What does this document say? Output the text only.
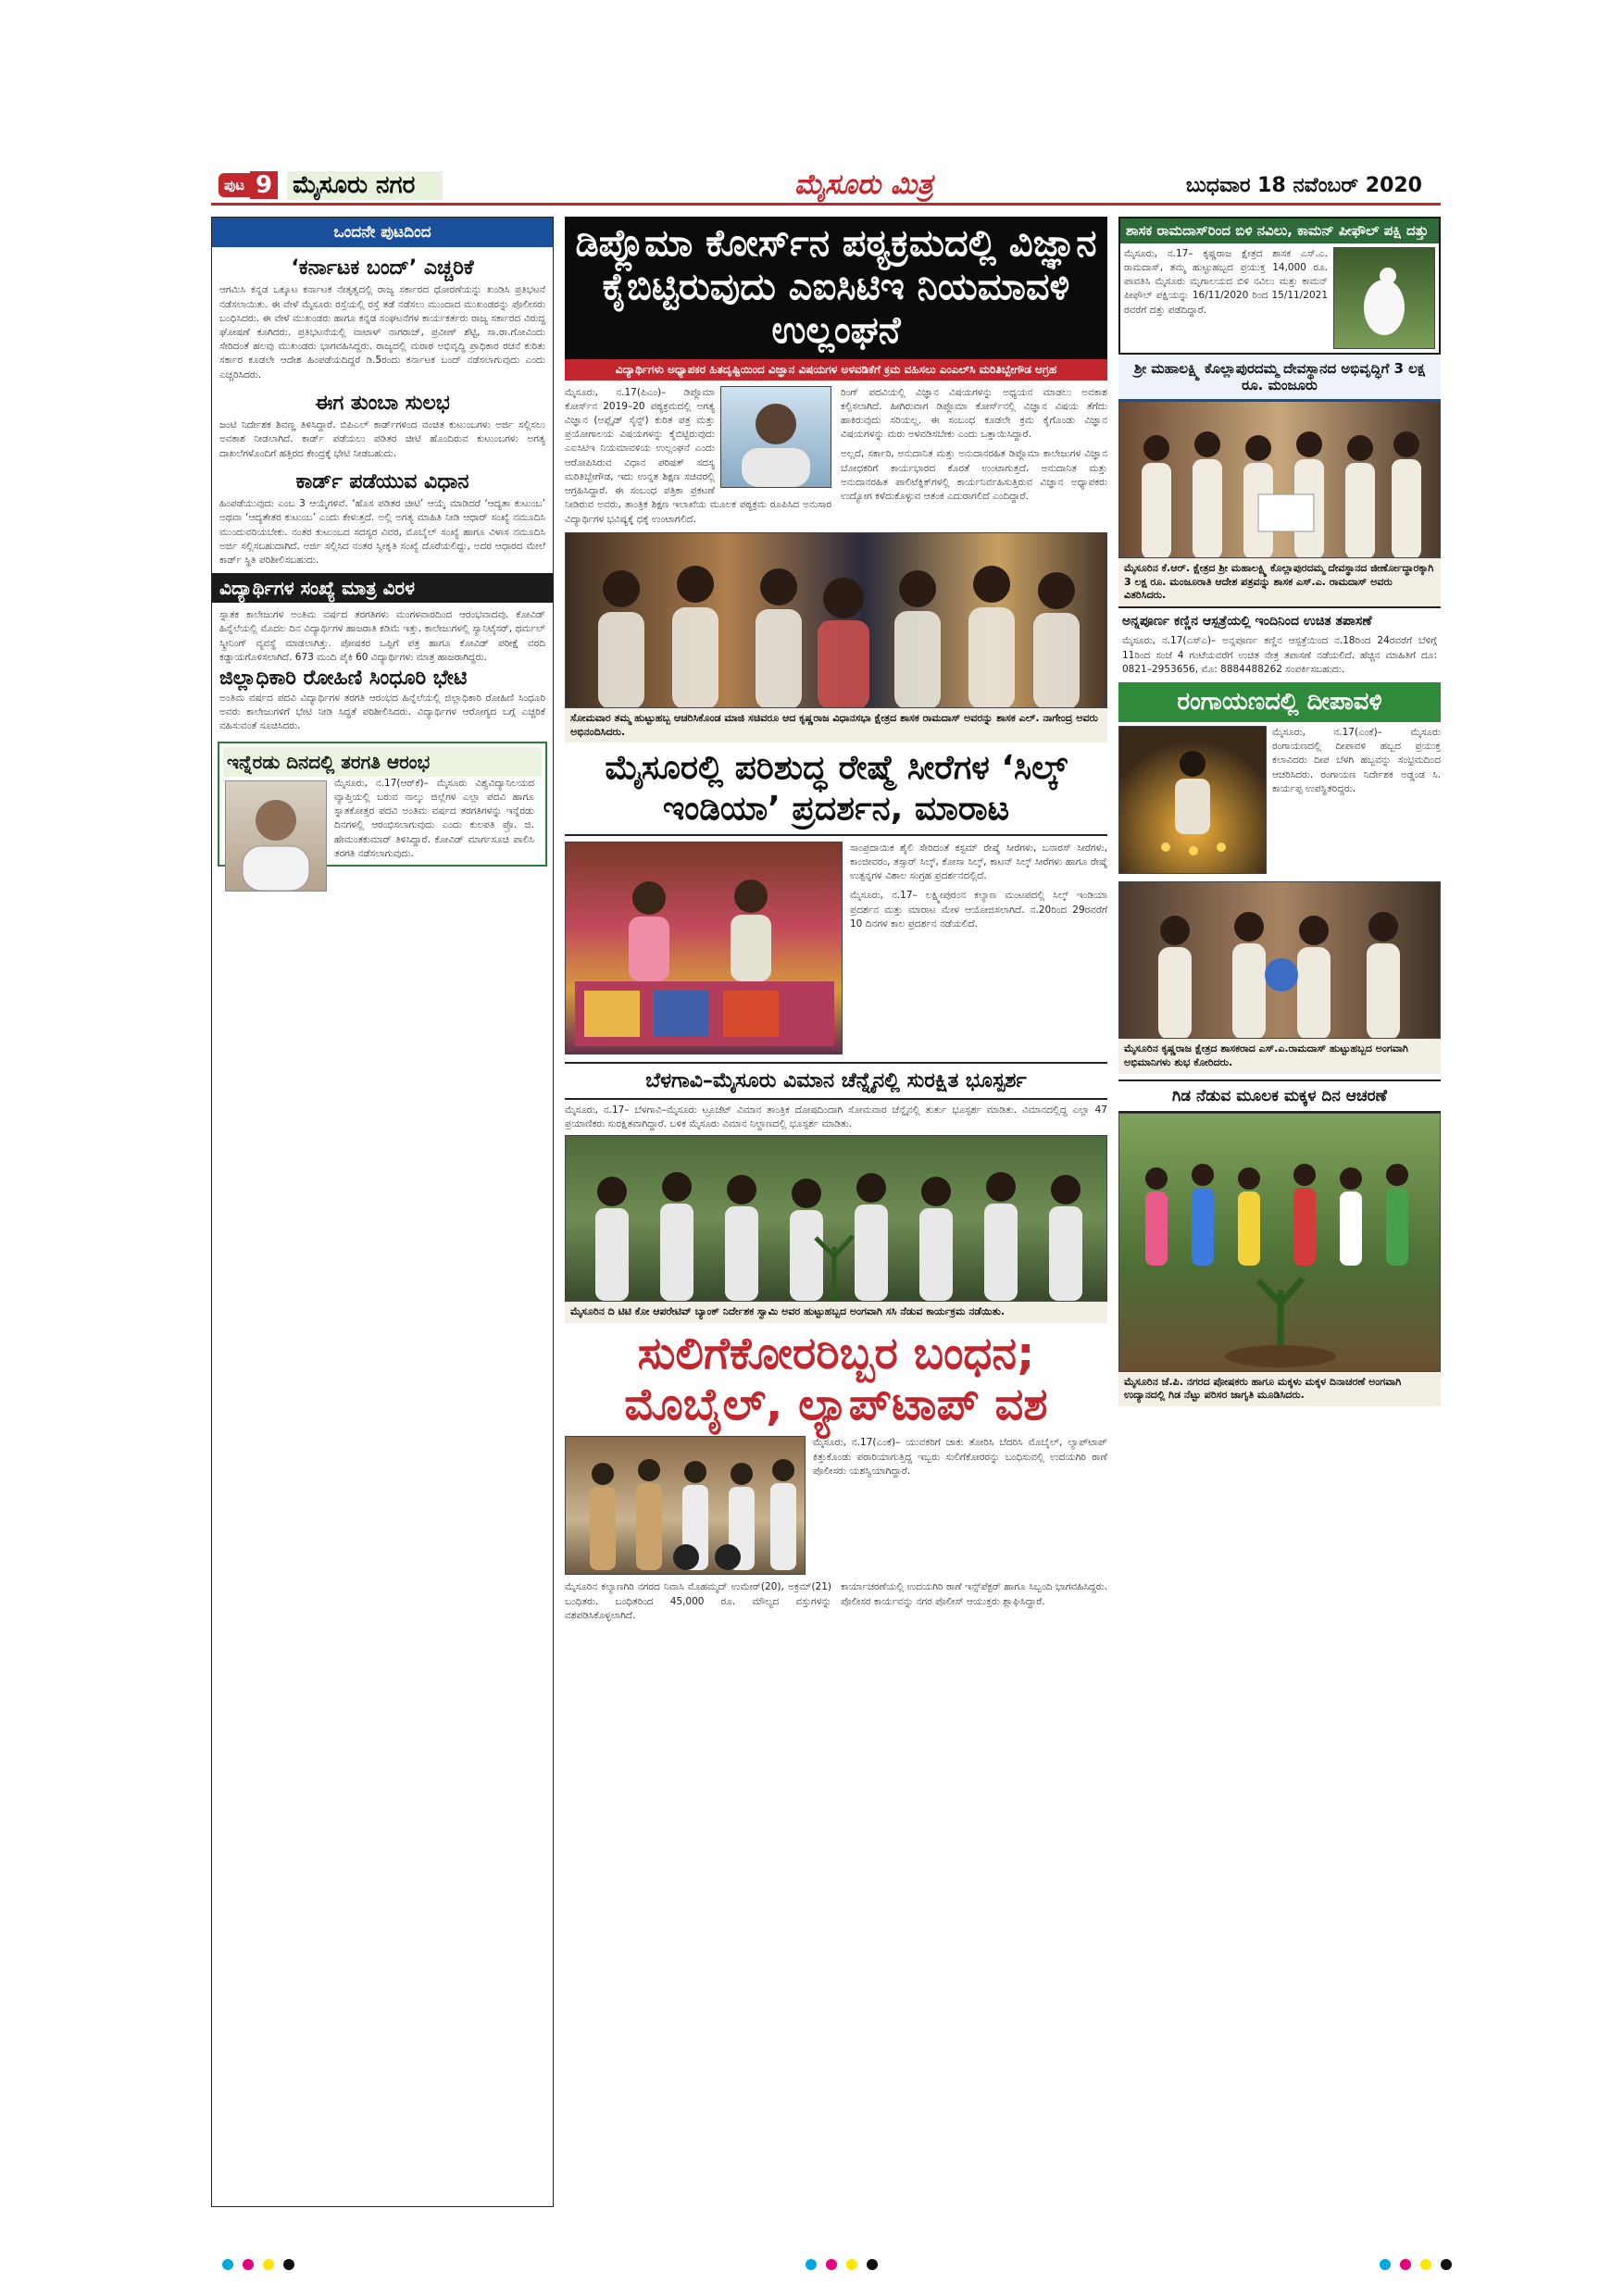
ಪುಟ 9 ಮೈಸೂರು ನಗರ	ಮೈಸೂರು ಮಿತ್ರ	ಬುಧವಾರ 18 ನವೆಂಬರ್ 2020
ಒಂದನೇ ಪುಟದಿಂದ
‘ಕರ್ನಾಟಕ ಬಂದ್’ ಎಚ್ಚರಿಕೆ

ಆಗಮಿಸಿ ಕನ್ನಡ ಒಕ್ಕೂಟ ಕರ್ನಾಟಕ ನೇತೃತ್ವದಲ್ಲಿ ರಾಜ್ಯ ಸರ್ಕಾರದ ಧೋರಣೆಯನ್ನು ಖಂಡಿಸಿ ಪ್ರತಿಭಟನೆ ನಡೆಸಲಾಯಿತು. ಈ ವೇಳೆ ಮೈಸೂರು ರಸ್ತೆಯಲ್ಲಿ ರಸ್ತೆ ತಡೆ ನಡೆಸಲು ಮುಂದಾದ ಮುಖಂಡರನ್ನು ಪೊಲೀಸರು ಬಂಧಿಸಿದರು. ಈ ವೇಳೆ ಮುಖಂಡರು ಹಾಗೂ ಕನ್ನಡ ಸಂಘಟನೆಗಳ ಕಾರ್ಯಕರ್ತರು ರಾಜ್ಯ ಸರ್ಕಾರದ ವಿರುದ್ಧ ಘೋಷಣೆ ಕೂಗಿದರು. ಪ್ರತಿಭಟನೆಯಲ್ಲಿ ವಾಟಾಳ್ ನಾಗರಾಜ್, ಪ್ರವೀಣ್ ಶೆಟ್ಟಿ, ಸಾ.ರಾ.ಗೋವಿಂದು ಸೇರಿದಂತೆ ಹಲವು ಮುಖಂಡರು ಭಾಗವಹಿಸಿದ್ದರು. ರಾಜ್ಯದಲ್ಲಿ ಮರಾಠ ಅಭಿವೃದ್ಧಿ ಪ್ರಾಧಿಕಾರ ರಚನೆ ಕುರಿತು ಸರ್ಕಾರ ಕೂಡಲೇ ಆದೇಶ ಹಿಂಪಡೆಯದಿದ್ದರೆ ಡಿ.5ರಂದು ಕರ್ನಾಟಕ ಬಂದ್ ನಡೆಸಲಾಗುವುದು ಎಂದು ಎಚ್ಚರಿಸಿದರು.

ಈಗ ತುಂಬಾ ಸುಲಭ

ಜಂಟಿ ನಿರ್ದೇಶಕ ಶಿವಣ್ಣ ತಿಳಿಸಿದ್ದಾರೆ. ಬಿಪಿಎಲ್ ಕಾರ್ಡ್‌ಗಳಿಂದ ವಂಚಿತ ಕುಟುಂಬಗಳು ಅರ್ಜಿ ಸಲ್ಲಿಸಲು ಅವಕಾಶ ನೀಡಲಾಗಿದೆ. ಕಾರ್ಡ್ ಪಡೆಯಲು ಪಡಿತರ ಚೀಟಿ ಹೊಂದಿರುವ ಕುಟುಂಬಗಳು ಅಗತ್ಯ ದಾಖಲೆಗಳೊಂದಿಗೆ ಹತ್ತಿರದ ಕೇಂದ್ರಕ್ಕೆ ಭೇಟಿ ನೀಡಬಹುದು.

ಕಾರ್ಡ್ ಪಡೆಯುವ ವಿಧಾನ

ಹಿಂಪಡೆಯುವುದು ಎಂಬ 3 ಆಯ್ಕೆಗಳಿವೆ. ‘ಹೊಸ ಪಡಿತರ ಚೀಟಿ’ ಆಯ್ಕೆ ಮಾಡಿದರೆ ‘ಆದ್ಯತಾ ಕುಟುಂಬ’ ಅಥವಾ ‘ಆದ್ಯತೇತರ ಕುಟುಂಬ’ ಎಂದು ಕೇಳುತ್ತದೆ. ಅಲ್ಲಿ ಅಗತ್ಯ ಮಾಹಿತಿ ನೀಡಿ ಆಧಾರ್ ಸಂಖ್ಯೆ ನಮೂದಿಸಿ ಮುಂದುವರಿಯಬೇಕು. ನಂತರ ಕುಟುಂಬದ ಸದಸ್ಯರ ವಿವರ, ಮೊಬೈಲ್ ಸಂಖ್ಯೆ ಹಾಗೂ ವಿಳಾಸ ನಮೂದಿಸಿ ಅರ್ಜಿ ಸಲ್ಲಿಸಬಹುದಾಗಿದೆ. ಅರ್ಜಿ ಸಲ್ಲಿಸಿದ ನಂತರ ಸ್ವೀಕೃತಿ ಸಂಖ್ಯೆ ದೊರೆಯಲಿದ್ದು, ಅದರ ಆಧಾರದ ಮೇಲೆ ಕಾರ್ಡ್ ಸ್ಥಿತಿ ಪರಿಶೀಲಿಸಬಹುದು.

ವಿದ್ಯಾರ್ಥಿಗಳ ಸಂಖ್ಯೆ ಮಾತ್ರ ವಿರಳ

ಸ್ನಾತಕ ಕಾಲೇಜುಗಳ ಅಂತಿಮ ವರ್ಷದ ತರಗತಿಗಳು ಮಂಗಳವಾರದಿಂದ ಆರಂಭವಾದವು. ಕೋವಿಡ್ ಹಿನ್ನೆಲೆಯಲ್ಲಿ ಮೊದಲ ದಿನ ವಿದ್ಯಾರ್ಥಿಗಳ ಹಾಜರಾತಿ ಕಡಿಮೆ ಇತ್ತು. ಕಾಲೇಜುಗಳಲ್ಲಿ ಸ್ಯಾನಿಟೈಸರ್, ಥರ್ಮಲ್ ಸ್ಕ್ರೀನಿಂಗ್ ವ್ಯವಸ್ಥೆ ಮಾಡಲಾಗಿತ್ತು. ಪೋಷಕರ ಒಪ್ಪಿಗೆ ಪತ್ರ ಹಾಗೂ ಕೋವಿಡ್ ಪರೀಕ್ಷೆ ವರದಿ ಕಡ್ಡಾಯಗೊಳಿಸಲಾಗಿದೆ. 673 ಮಂದಿ ಪೈಕಿ 60 ವಿದ್ಯಾರ್ಥಿಗಳು ಮಾತ್ರ ಹಾಜರಾಗಿದ್ದರು.

ಜಿಲ್ಲಾಧಿಕಾರಿ ರೋಹಿಣಿ ಸಿಂಧೂರಿ ಭೇಟಿ

ಅಂತಿಮ ವರ್ಷದ ಪದವಿ ವಿದ್ಯಾರ್ಥಿಗಳ ತರಗತಿ ಆರಂಭದ ಹಿನ್ನೆಲೆಯಲ್ಲಿ ಜಿಲ್ಲಾಧಿಕಾರಿ ರೋಹಿಣಿ ಸಿಂಧೂರಿ ಅವರು ಕಾಲೇಜುಗಳಿಗೆ ಭೇಟಿ ನೀಡಿ ಸಿದ್ಧತೆ ಪರಿಶೀಲಿಸಿದರು. ವಿದ್ಯಾರ್ಥಿಗಳ ಆರೋಗ್ಯದ ಬಗ್ಗೆ ಎಚ್ಚರಿಕೆ ವಹಿಸುವಂತೆ ಸೂಚಿಸಿದರು.

ಇನ್ನೆರಡು ದಿನದಲ್ಲಿ ತರಗತಿ ಆರಂಭ

ಮೈಸೂರು, ನ.17(ಆರ್‌ಕೆ)– ಮೈಸೂರು ವಿಶ್ವವಿದ್ಯಾನಿಲಯದ ವ್ಯಾಪ್ತಿಯಲ್ಲಿ ಬರುವ ನಾಲ್ಕು ಜಿಲ್ಲೆಗಳ ಎಲ್ಲಾ ಪದವಿ ಹಾಗೂ ಸ್ನಾತಕೋತ್ತರ ಪದವಿ ಅಂತಿಮ ವರ್ಷದ ತರಗತಿಗಳನ್ನು ಇನ್ನೆರಡು ದಿನಗಳಲ್ಲಿ ಆರಂಭಿಸಲಾಗುವುದು ಎಂದು ಕುಲಪತಿ ಪ್ರೊ. ಜಿ. ಹೇಮಂತಕುಮಾರ್ ತಿಳಿಸಿದ್ದಾರೆ. ಕೋವಿಡ್ ಮಾರ್ಗಸೂಚಿ ಪಾಲಿಸಿ ತರಗತಿ ನಡೆಸಲಾಗುವುದು.

ಡಿಪ್ಲೊಮಾ ಕೋರ್ಸ್‌ನ ಪಠ್ಯಕ್ರಮದಲ್ಲಿ ವಿಜ್ಞಾನ ಕೈಬಿಟ್ಟಿರುವುದು ಎಐಸಿಟಿಇ ನಿಯಮಾವಳಿ ಉಲ್ಲಂಘನೆ
ವಿದ್ಯಾರ್ಥಿಗಳು ಅಧ್ಯಾಪಕರ ಹಿತದೃಷ್ಟಿಯಿಂದ ವಿಜ್ಞಾನ ವಿಷಯಗಳ ಅಳವಡಿಕೆಗೆ ಕ್ರಮ ವಹಿಸಲು ಎಂಎಲ್‌ಸಿ ಮರಿತಿಬ್ಬೇಗೌಡ ಆಗ್ರಹ

ಮೈಸೂರು, ನ.17(ಪಿಎಂ)– ಡಿಪ್ಲೊಮಾ ಕೋರ್ಸ್‌ನ 2019–20 ಪಠ್ಯಕ್ರಮದಲ್ಲಿ ಅಗತ್ಯ ವಿಜ್ಞಾನ (ಅಪ್ಲೈಡ್ ಸೈನ್ಸ್) ಕುರಿತ ಪತ್ರ ಮತ್ತು ಪ್ರಯೋಗಾಲಯ ವಿಷಯಗಳನ್ನು ಕೈಬಿಟ್ಟಿರುವುದು ಎಐಸಿಟಿಇ ನಿಯಮಾವಳಿಯ ಉಲ್ಲಂಘನೆ ಎಂದು ಆರೋಪಿಸಿರುವ ವಿಧಾನ ಪರಿಷತ್ ಸದಸ್ಯ ಮರಿತಿಬ್ಬೇಗೌಡ, ಇದು ಉನ್ನತ ಶಿಕ್ಷಣ ಸಚಿವರಲ್ಲಿ ಆಗ್ರಹಿಸಿದ್ದಾರೆ. ಈ ಸಂಬಂಧ ಪತ್ರಿಕಾ ಪ್ರಕಟಣೆ ನೀಡಿರುವ ಅವರು, ತಾಂತ್ರಿಕ ಶಿಕ್ಷಣ ಇಲಾಖೆಯ ಮೂಲಕ ಪಠ್ಯಕ್ರಮ ರೂಪಿಸಿದ ಅನುಸಾರ ವಿದ್ಯಾರ್ಥಿಗಳ ಭವಿಷ್ಯಕ್ಕೆ ಧಕ್ಕೆ ಉಂಟಾಗಲಿದೆ.

ರಿಂಗ್ ಪದವಿಯಲ್ಲಿ ವಿಜ್ಞಾನ ವಿಷಯಗಳನ್ನು ಅಧ್ಯಯನ ಮಾಡಲು ಅವಕಾಶ ಕಲ್ಪಿಸಲಾಗಿದೆ. ಹೀಗಿರುವಾಗ ಡಿಪ್ಲೊಮಾ ಕೋರ್ಸ್‌ನಲ್ಲಿ ವಿಜ್ಞಾನ ವಿಷಯ ತೆಗೆದು ಹಾಕಿರುವುದು ಸರಿಯಲ್ಲ. ಈ ಸಂಬಂಧ ಕೂಡಲೇ ಕ್ರಮ ಕೈಗೊಂಡು ವಿಜ್ಞಾನ ವಿಷಯಗಳನ್ನು ಮರು ಅಳವಡಿಸಬೇಕು ಎಂದು ಒತ್ತಾಯಿಸಿದ್ದಾರೆ.

ಅಲ್ಲದೆ, ಸರ್ಕಾರಿ, ಅನುದಾನಿತ ಮತ್ತು ಅನುದಾನರಹಿತ ಡಿಪ್ಲೊಮಾ ಕಾಲೇಜುಗಳ ವಿಜ್ಞಾನ ಬೋಧಕರಿಗೆ ಕಾರ್ಯಭಾರದ ಕೊರತೆ ಉಂಟಾಗುತ್ತದೆ. ಅನುದಾನಿತ ಮತ್ತು ಅನುದಾನರಹಿತ ಪಾಲಿಟೆಕ್ನಿಕ್‌ಗಳಲ್ಲಿ ಕಾರ್ಯನಿರ್ವಹಿಸುತ್ತಿರುವ ವಿಜ್ಞಾನ ಅಧ್ಯಾಪಕರು ಉದ್ಯೋಗ ಕಳೆದುಕೊಳ್ಳುವ ಆತಂಕ ಎದುರಾಗಲಿದೆ ಎಂದಿದ್ದಾರೆ.

ಸೋಮವಾರ ತಮ್ಮ ಹುಟ್ಟುಹಬ್ಬ ಆಚರಿಸಿಕೊಂಡ ಮಾಜಿ ಸಚಿವರೂ ಆದ ಕೃಷ್ಣರಾಜ ವಿಧಾನಸಭಾ ಕ್ಷೇತ್ರದ ಶಾಸಕ ರಾಮದಾಸ್ ಅವರನ್ನು ಶಾಸಕ ಎಲ್. ನಾಗೇಂದ್ರ ಅವರು ಅಭಿನಂದಿಸಿದರು.
ಮೈಸೂರಲ್ಲಿ ಪರಿಶುದ್ಧ ರೇಷ್ಮೆ ಸೀರೆಗಳ ‘ಸಿಲ್ಕ್ ಇಂಡಿಯಾ’ ಪ್ರದರ್ಶನ, ಮಾರಾಟ

ಸಾಂಪ್ರದಾಯಿಕ ಶೈಲಿ ಸೇರಿದಂತೆ ಕಸ್ಟಮ್ ರೇಷ್ಮೆ ಸೀರೆಗಳು, ಬನಾರಸ್ ಸೀರೆಗಳು, ಕಾಂಜೀವರಂ, ತಸ್ಸಾರ್ ಸಿಲ್ಕ್, ಕೋಸಾ ಸಿಲ್ಕ್, ಕಾಟನ್ ಸಿಲ್ಕ್ ಸೀರೆಗಳು ಹಾಗೂ ರೇಷ್ಮೆ ಉತ್ಪನ್ನಗಳ ವಿಶಾಲ ಸಂಗ್ರಹ ಪ್ರದರ್ಶನದಲ್ಲಿದೆ.

ಮೈಸೂರು, ನ.17– ಲಕ್ಷ್ಮೀಪುರಂನ ಕಲ್ಯಾಣ ಮಂಟಪದಲ್ಲಿ ಸಿಲ್ಕ್ ಇಂಡಿಯಾ ಪ್ರದರ್ಶನ ಮತ್ತು ಮಾರಾಟ ಮೇಳ ಆಯೋಜಿಸಲಾಗಿದೆ. ನ.20ರಿಂದ 29ರವರೆಗೆ 10 ದಿನಗಳ ಕಾಲ ಪ್ರದರ್ಶನ ನಡೆಯಲಿದೆ.

ಬೆಳಗಾವಿ–ಮೈಸೂರು ವಿಮಾನ ಚೆನ್ನೈನಲ್ಲಿ ಸುರಕ್ಷಿತ ಭೂಸ್ಪರ್ಶ

ಮೈಸೂರು, ನ.17– ಬೆಳಗಾವಿ–ಮೈಸೂರು ಟ್ರೂಜೆಟ್ ವಿಮಾನ ತಾಂತ್ರಿಕ ದೋಷದಿಂದಾಗಿ ಸೋಮವಾರ ಚೆನ್ನೈನಲ್ಲಿ ತುರ್ತು ಭೂಸ್ಪರ್ಶ ಮಾಡಿತು. ವಿಮಾನದಲ್ಲಿದ್ದ ಎಲ್ಲಾ 47 ಪ್ರಯಾಣಿಕರು ಸುರಕ್ಷಿತವಾಗಿದ್ದಾರೆ. ಬಳಿಕ ಮೈಸೂರು ವಿಮಾನ ನಿಲ್ದಾಣದಲ್ಲಿ ಭೂಸ್ಪರ್ಶ ಮಾಡಿತು.

ಮೈಸೂರಿನ ದಿ ಟಿಟಿ ಕೋ ಆಪರೇಟಿವ್ ಬ್ಯಾಂಕ್ ನಿರ್ದೇಶಕ ಸ್ವಾಮಿ ಅವರ ಹುಟ್ಟುಹಬ್ಬದ ಅಂಗವಾಗಿ ಸಸಿ ನೆಡುವ ಕಾರ್ಯಕ್ರಮ ನಡೆಯಿತು.
ಸುಲಿಗೆಕೋರರಿಬ್ಬರ ಬಂಧನ; ಮೊಬೈಲ್, ಲ್ಯಾಪ್‌ಟಾಪ್ ವಶ

ಮೈಸೂರು, ನ.17(ಎಂಕೆ)– ಯುವಕರಿಗೆ ಚಾಕು ತೋರಿಸಿ ಬೆದರಿಸಿ ಮೊಬೈಲ್, ಲ್ಯಾಪ್‌ಟಾಪ್ ಕಿತ್ತುಕೊಂಡು ಪರಾರಿಯಾಗುತ್ತಿದ್ದ ಇಬ್ಬರು ಸುಲಿಗೆಕೋರರನ್ನು ಬಂಧಿಸುವಲ್ಲಿ ಉದಯಗಿರಿ ಠಾಣೆ ಪೊಲೀಸರು ಯಶಸ್ವಿಯಾಗಿದ್ದಾರೆ.

ಮೈಸೂರಿನ ಕಲ್ಯಾಣಗಿರಿ ನಗರದ ನಿವಾಸಿ ಮೊಹಮ್ಮದ್ ಉಮೇರ್(20), ಅಕ್ರಮ್(21) ಬಂಧಿತರು. ಬಂಧಿತರಿಂದ 45,000 ರೂ. ಮೌಲ್ಯದ ವಸ್ತುಗಳನ್ನು ವಶಪಡಿಸಿಕೊಳ್ಳಲಾಗಿದೆ.

ಕಾರ್ಯಾಚರಣೆಯಲ್ಲಿ ಉದಯಗಿರಿ ಠಾಣೆ ಇನ್ಸ್‌ಪೆಕ್ಟರ್ ಹಾಗೂ ಸಿಬ್ಬಂದಿ ಭಾಗವಹಿಸಿದ್ದರು. ಪೊಲೀಸರ ಕಾರ್ಯವನ್ನು ನಗರ ಪೊಲೀಸ್ ಆಯುಕ್ತರು ಶ್ಲಾಘಿಸಿದ್ದಾರೆ.

ಶಾಸಕ ರಾಮದಾಸ್‌ರಿಂದ ಬಿಳಿ ನವಿಲು, ಕಾಮನ್ ಪೀಫೌಲ್ ಪಕ್ಷಿ ದತ್ತು

ಮೈಸೂರು, ನ.17– ಕೃಷ್ಣರಾಜ ಕ್ಷೇತ್ರದ ಶಾಸಕ ಎಸ್.ಎ. ರಾಮದಾಸ್, ತಮ್ಮ ಹುಟ್ಟುಹಬ್ಬದ ಪ್ರಯುಕ್ತ 14,000 ರೂ. ಪಾವತಿಸಿ ಮೈಸೂರು ಮೃಗಾಲಯದ ಬಿಳಿ ನವಿಲು ಮತ್ತು ಕಾಮನ್ ಪೀಫೌಲ್ ಪಕ್ಷಿಯನ್ನು 16/11/2020 ರಿಂದ 15/11/2021 ರವರೆಗೆ ದತ್ತು ಪಡೆದಿದ್ದಾರೆ.

ಶ್ರೀ ಮಹಾಲಕ್ಷ್ಮಿ ಕೊಲ್ಲಾಪುರದಮ್ಮ ದೇವಸ್ಥಾನದ ಅಭಿವೃದ್ಧಿಗೆ 3 ಲಕ್ಷ ರೂ. ಮಂಜೂರು
ಮೈಸೂರಿನ ಕೆ.ಆರ್. ಕ್ಷೇತ್ರದ ಶ್ರೀ ಮಹಾಲಕ್ಷ್ಮಿ ಕೊಲ್ಲಾಪುರದಮ್ಮ ದೇವಸ್ಥಾನದ ಜೀರ್ಣೋದ್ಧಾರಕ್ಕಾಗಿ 3 ಲಕ್ಷ ರೂ. ಮಂಜೂರಾತಿ ಆದೇಶ ಪತ್ರವನ್ನು ಶಾಸಕ ಎಸ್.ಎ. ರಾಮದಾಸ್ ಅವರು ವಿತರಿಸಿದರು.
ಅನ್ನಪೂರ್ಣ ಕಣ್ಣಿನ ಆಸ್ಪತ್ರೆಯಲ್ಲಿ ಇಂದಿನಿಂದ ಉಚಿತ ತಪಾಸಣೆ

ಮೈಸೂರು, ನ.17(ಎಸ್‌ಎ)– ಅನ್ನಪೂರ್ಣ ಕಣ್ಣಿನ ಆಸ್ಪತ್ರೆಯಿಂದ ನ.18ರಿಂದ 24ರವರೆಗೆ ಬೆಳಿಗ್ಗೆ 11ರಿಂದ ಸಂಜೆ 4 ಗಂಟೆಯವರೆಗೆ ಉಚಿತ ನೇತ್ರ ತಪಾಸಣೆ ನಡೆಯಲಿದೆ. ಹೆಚ್ಚಿನ ಮಾಹಿತಿಗೆ ದೂ: 0821–2953656, ಮೊ: 8884488262 ಸಂಪರ್ಕಿಸಬಹುದು.

ರಂಗಾಯಣದಲ್ಲಿ ದೀಪಾವಳಿ

ಮೈಸೂರು, ನ.17(ಎಂಕೆ)– ಮೈಸೂರು ರಂಗಾಯಣದಲ್ಲಿ ದೀಪಾವಳಿ ಹಬ್ಬದ ಪ್ರಯುಕ್ತ ಕಲಾವಿದರು ದೀಪ ಬೆಳಗಿ ಹಬ್ಬವನ್ನು ಸಂಭ್ರಮದಿಂದ ಆಚರಿಸಿದರು. ರಂಗಾಯಣ ನಿರ್ದೇಶಕ ಅಡ್ಡಂಡ ಸಿ. ಕಾರ್ಯಪ್ಪ ಉಪಸ್ಥಿತರಿದ್ದರು.

ಮೈಸೂರಿನ ಕೃಷ್ಣರಾಜ ಕ್ಷೇತ್ರದ ಶಾಸಕರಾದ ಎಸ್.ಎ.ರಾಮದಾಸ್ ಹುಟ್ಟುಹಬ್ಬದ ಅಂಗವಾಗಿ ಅಭಿಮಾನಿಗಳು ಶುಭ ಕೋರಿದರು.
ಗಿಡ ನೆಡುವ ಮೂಲಕ ಮಕ್ಕಳ ದಿನ ಆಚರಣೆ
ಮೈಸೂರಿನ ಜೆ.ಪಿ. ನಗರದ ಪೋಷಕರು ಹಾಗೂ ಮಕ್ಕಳು ಮಕ್ಕಳ ದಿನಾಚರಣೆ ಅಂಗವಾಗಿ ಉದ್ಯಾನದಲ್ಲಿ ಗಿಡ ನೆಟ್ಟು ಪರಿಸರ ಜಾಗೃತಿ ಮೂಡಿಸಿದರು.
